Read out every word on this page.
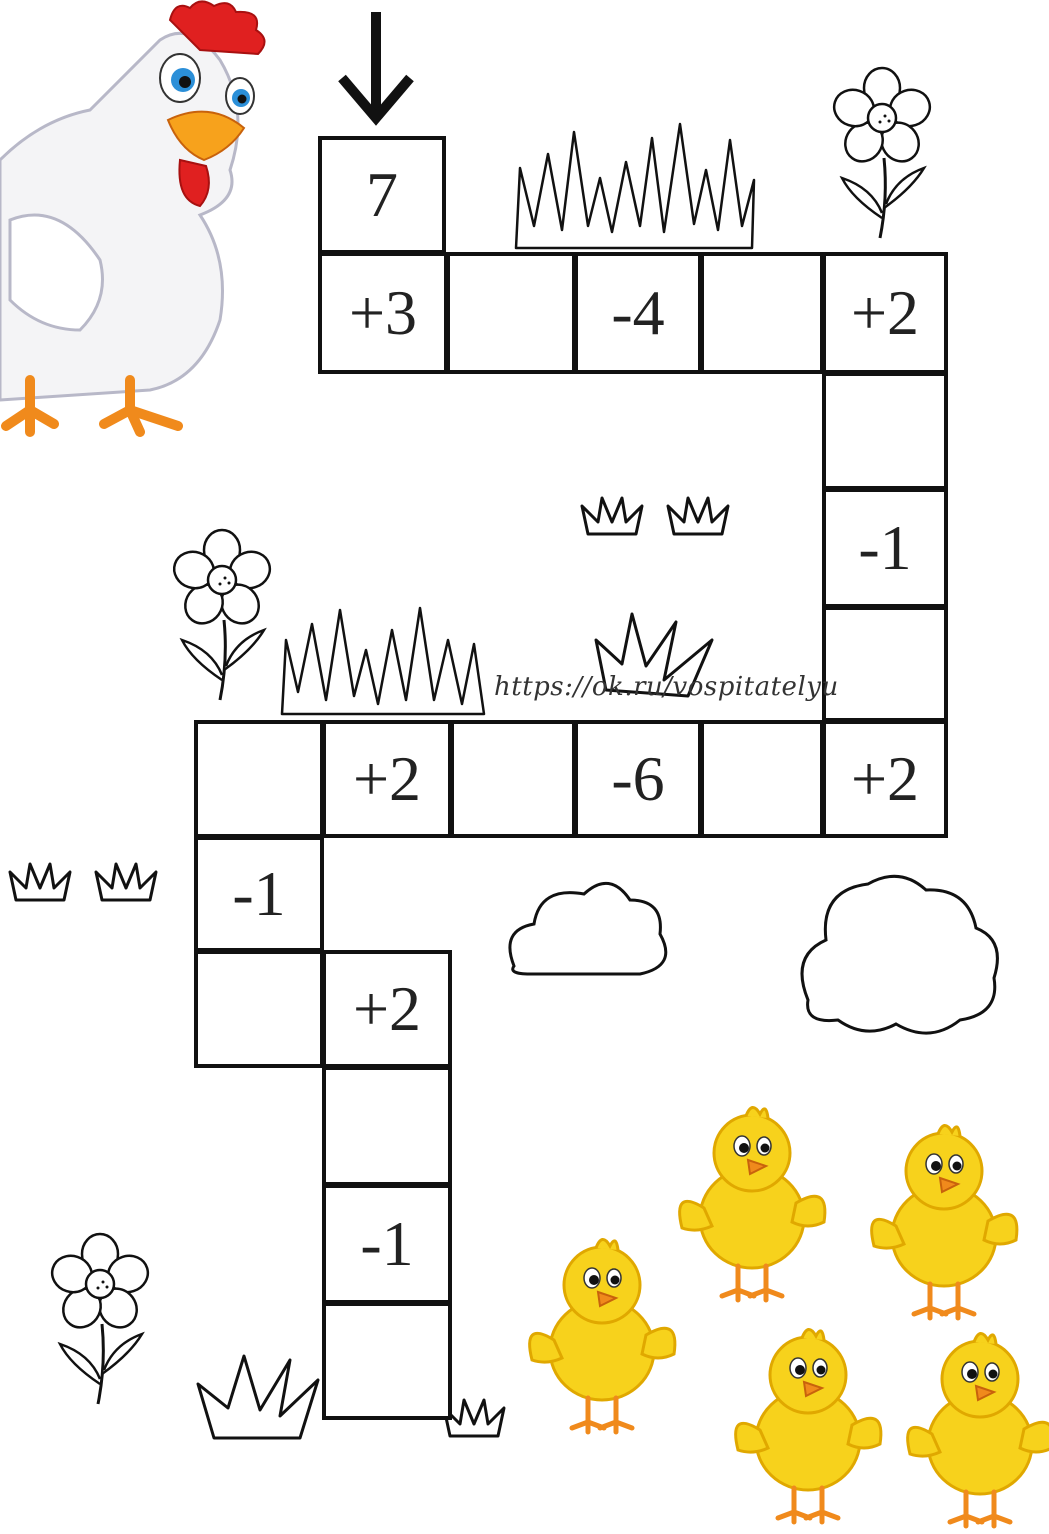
7
+3	-4	+2
-1
+2	-6	+2
-1
+2
-1
https://ok.ru/vospitatelyu
